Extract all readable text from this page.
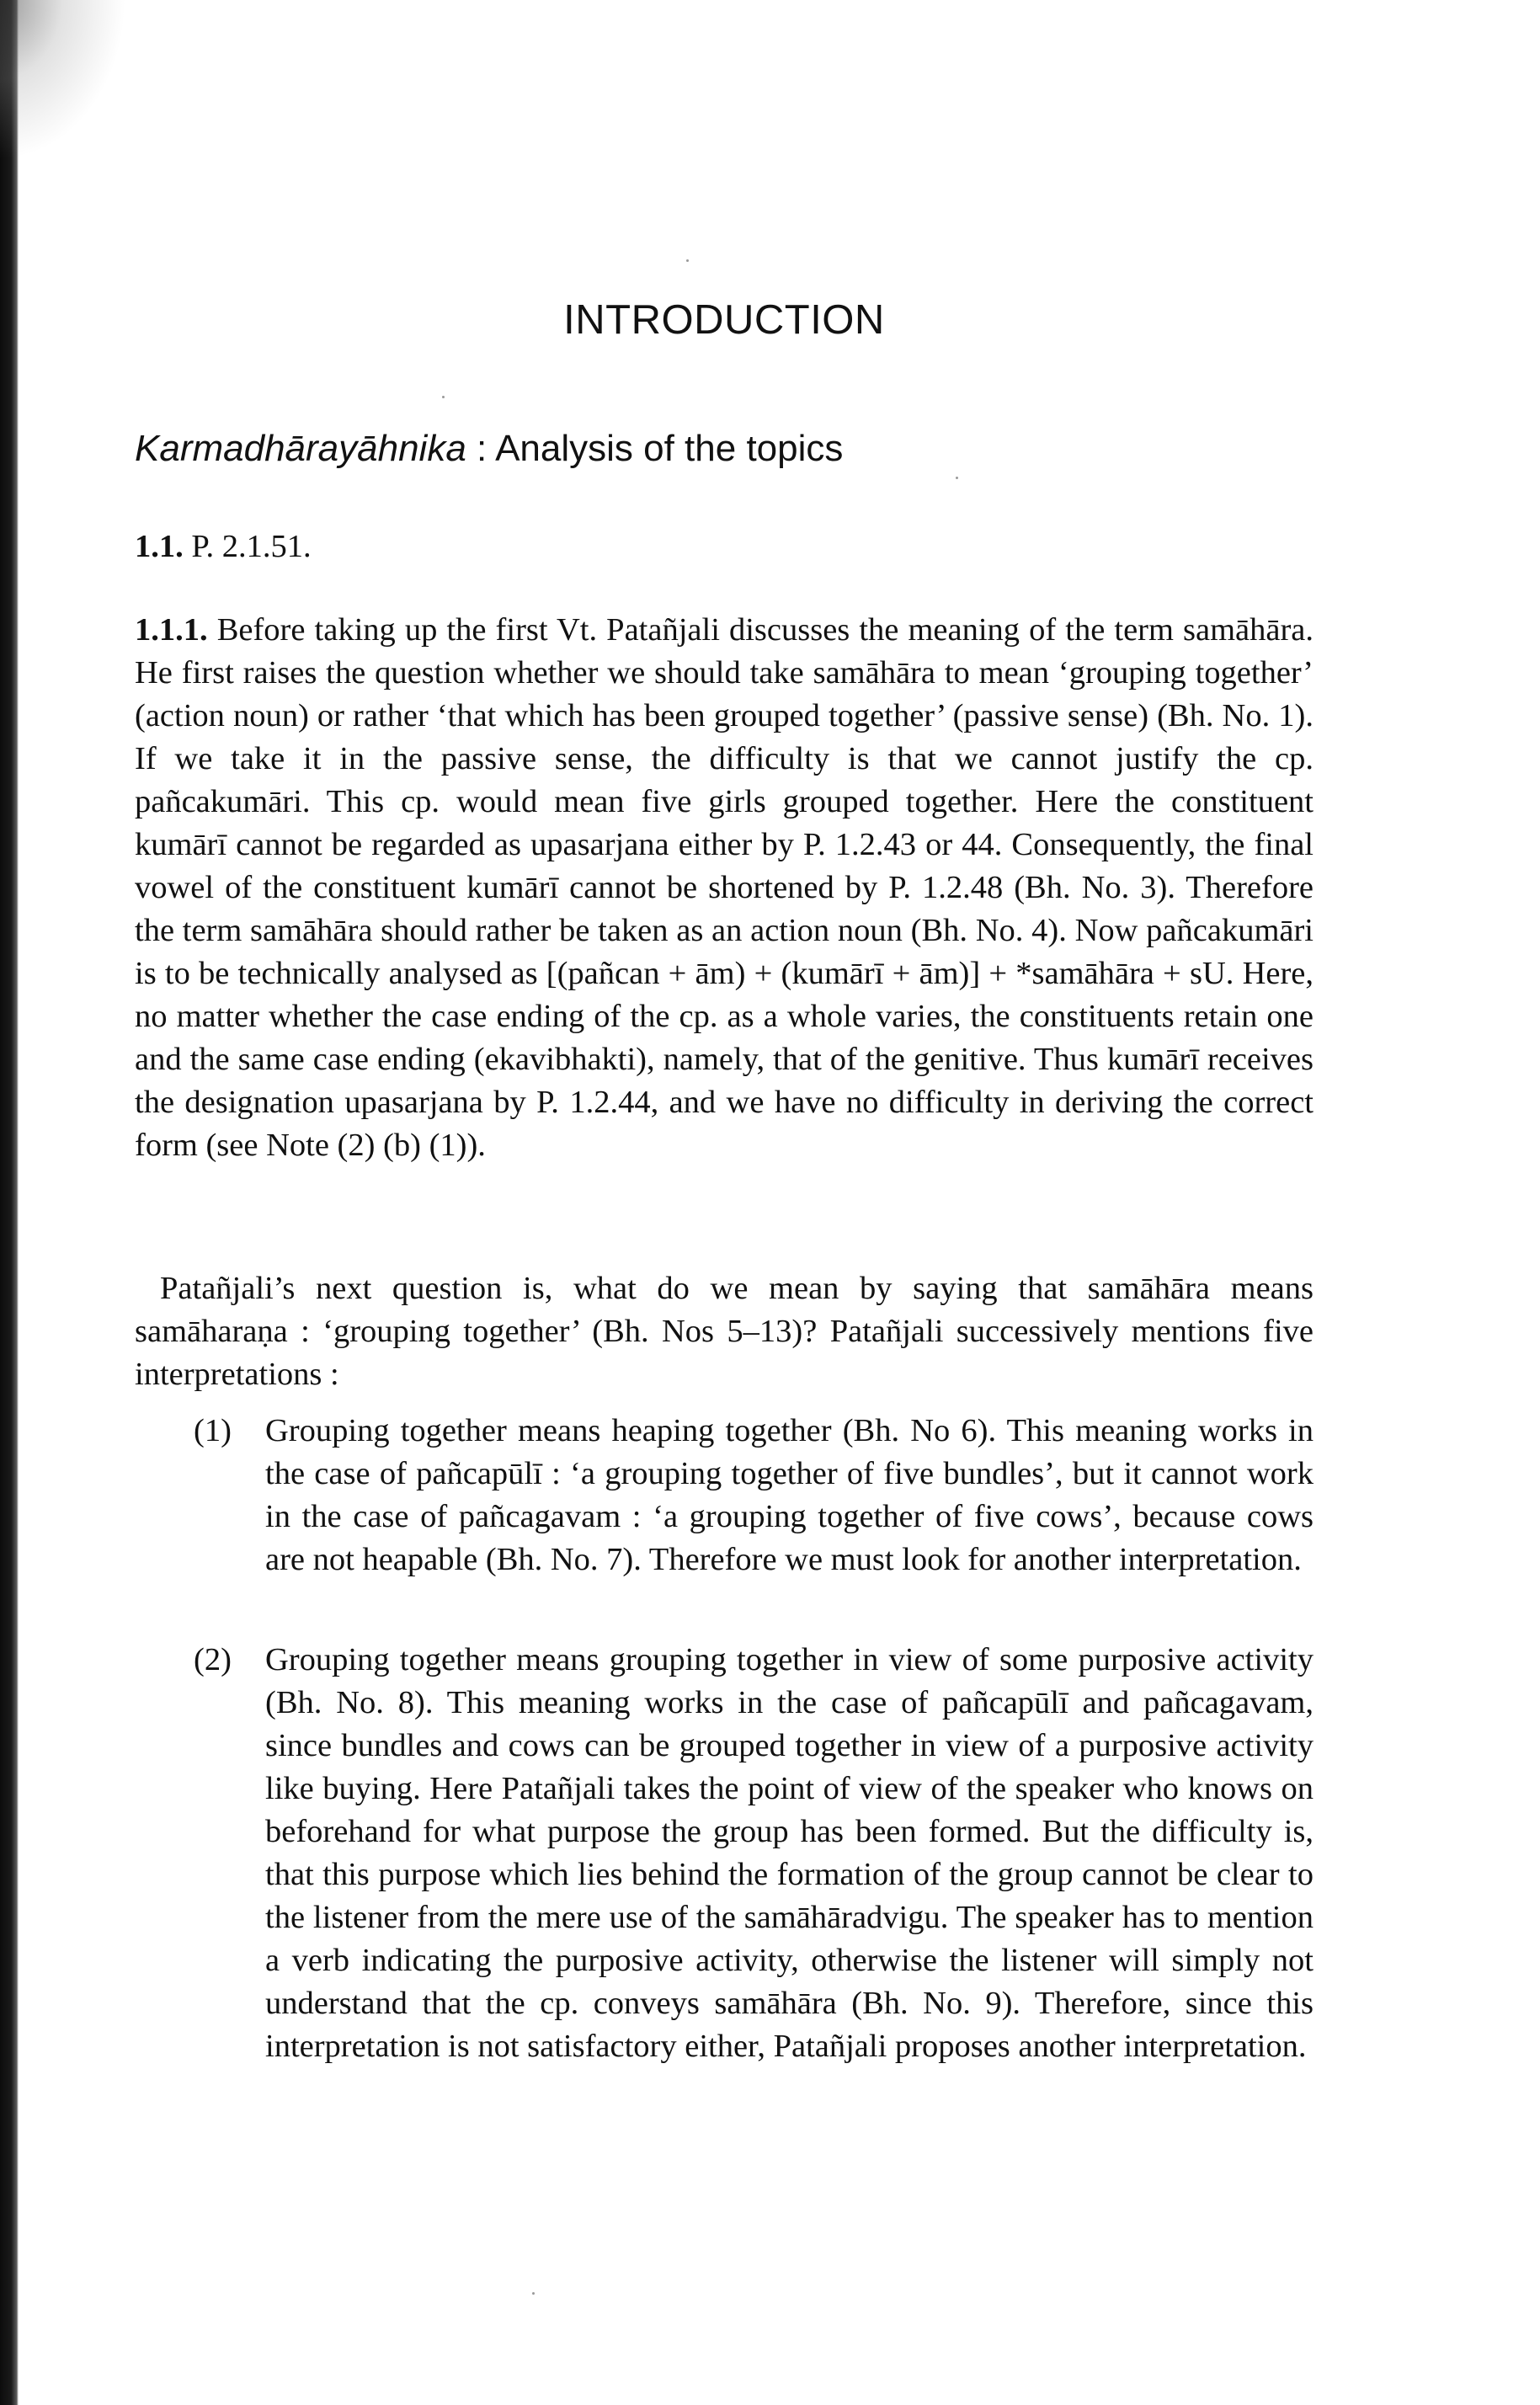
INTRODUCTION
Karmadhārayāhnika : Analysis of the topics

1.1. P. 2.1.51.

1.1.1. Before taking up the first Vt. Patañjali discusses the meaning of the term samāhāra. He first raises the question whether we should take samāhāra to mean ‘grouping together’ (action noun) or rather ‘that which has been grouped together’ (passive sense) (Bh. No. 1). If we take it in the passive sense, the difficulty is that we cannot justify the cp. pañcakumāri. This cp. would mean five girls grouped together. Here the constituent kumārī cannot be regarded as upasarjana either by P. 1.2.43 or 44. Consequently, the final vowel of the constituent kumārī cannot be shortened by P. 1.2.48 (Bh. No. 3). Therefore the term samāhāra should rather be taken as an action noun (Bh. No. 4). Now pañcakumāri is to be technically analysed as [(pañcan + ām) + (kumārī + ām)] + *samāhāra + sU. Here, no matter whether the case ending of the cp. as a whole varies, the constituents retain one and the same case ending (ekavibhakti), namely, that of the genitive. Thus kumārī receives the designation upasarjana by P. 1.2.44, and we have no difficulty in deriving the correct form (see Note (2) (b) (1)).

Patañjali’s next question is, what do we mean by saying that samāhāra means samāharaṇa : ‘grouping together’ (Bh. Nos 5–13)? Patañjali successively mentions five interpretations :

(1)	Grouping together means heaping together (Bh. No 6). This meaning works in the case of pañcapūlī : ‘a grouping together of five bundles’, but it cannot work in the case of pañcagavam : ‘a grouping together of five cows’, because cows are not heapable (Bh. No. 7). Therefore we must look for another interpretation.

(2)	Grouping together means grouping together in view of some purposive activity (Bh. No. 8). This meaning works in the case of pañcapūlī and pañcagavam, since bundles and cows can be grouped together in view of a purposive activity like buying. Here Patañjali takes the point of view of the speaker who knows on beforehand for what purpose the group has been formed. But the difficulty is, that this purpose which lies behind the formation of the group cannot be clear to the listener from the mere use of the samāhāradvigu. The speaker has to mention a verb indicating the purposive activity, otherwise the listener will simply not understand that the cp. conveys samāhāra (Bh. No. 9). Therefore, since this interpretation is not satisfactory either, Patañjali proposes another interpretation.
